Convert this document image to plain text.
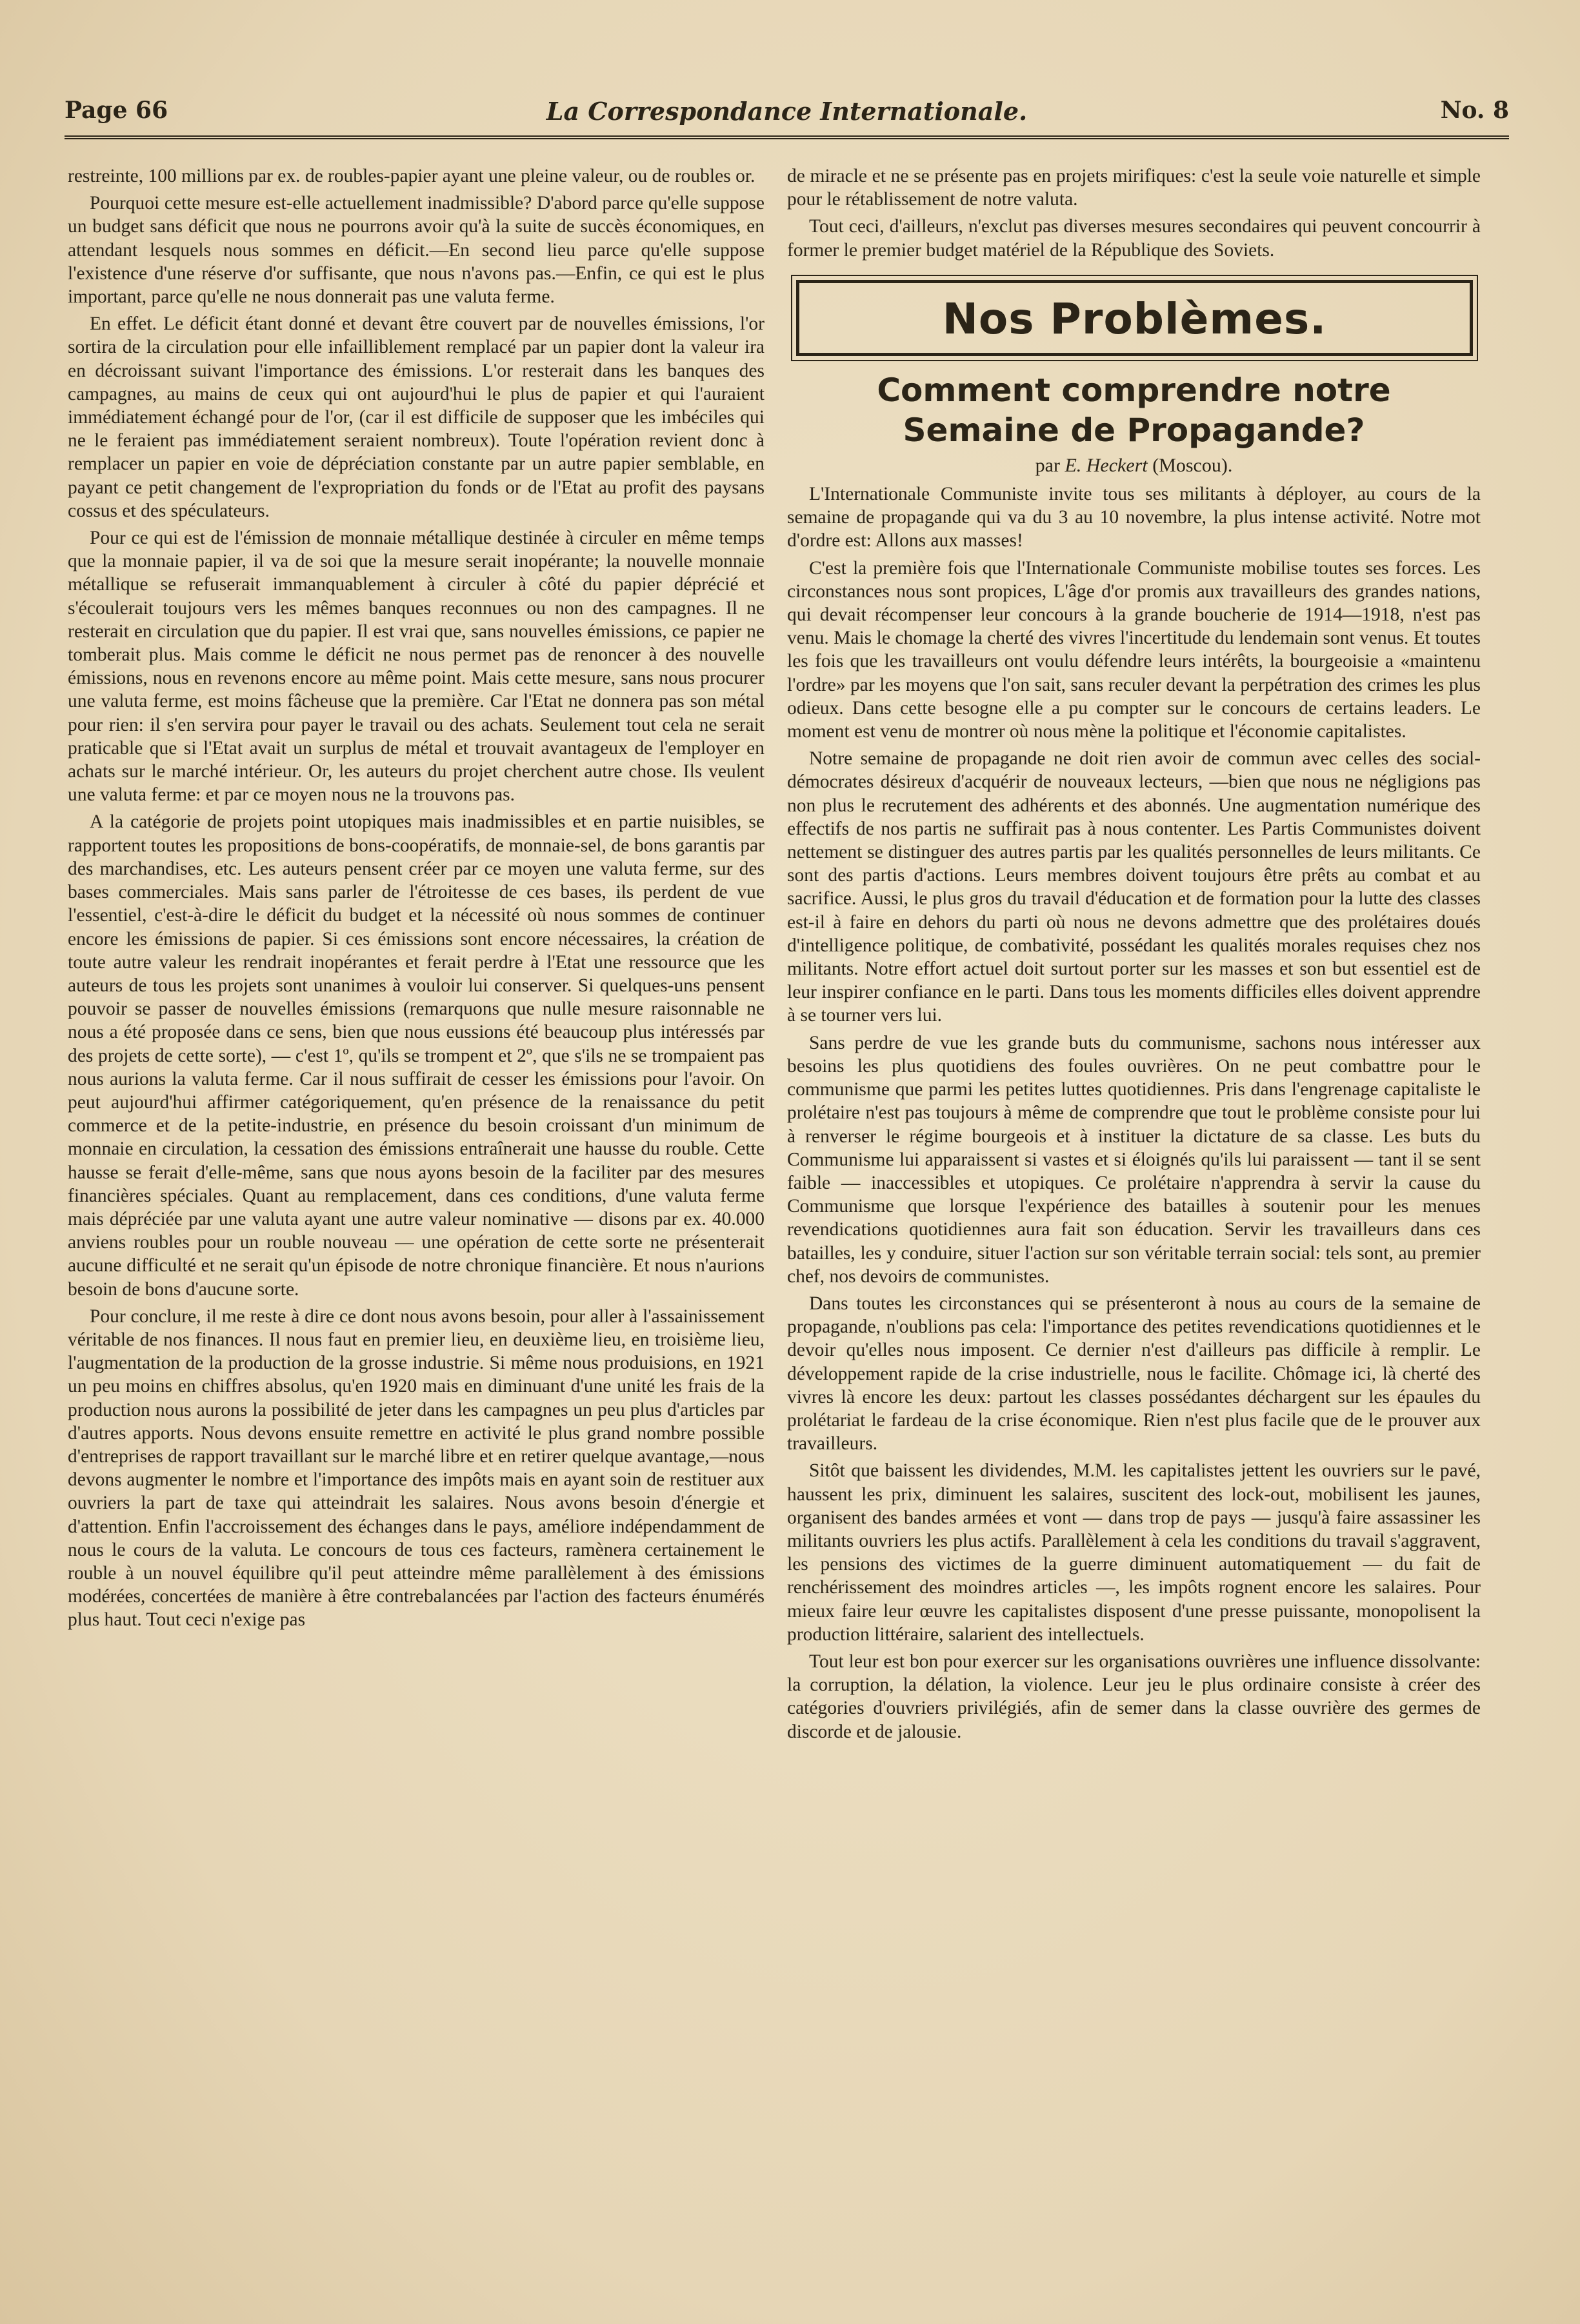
Page 66	La Correspondance Internationale.	No. 8

restreinte, 100 millions par ex. de roubles-papier ayant une pleine valeur, ou de roubles or.

Pourquoi cette mesure est-elle actuellement inadmissible? D'abord parce qu'elle suppose un budget sans déficit que nous ne pourrons avoir qu'à la suite de succès économiques, en attendant lesquels nous sommes en déficit.—En second lieu parce qu'elle suppose l'existence d'une réserve d'or suffisante, que nous n'avons pas.—Enfin, ce qui est le plus important, parce qu'elle ne nous donnerait pas une valuta ferme.

En effet. Le déficit étant donné et devant être couvert par de nouvelles émissions, l'or sortira de la circulation pour elle infailliblement remplacé par un papier dont la valeur ira en décroissant suivant l'importance des émissions. L'or resterait dans les banques des campagnes, au mains de ceux qui ont aujourd'hui le plus de papier et qui l'auraient immédiatement échangé pour de l'or, (car il est difficile de supposer que les imbéciles qui ne le feraient pas immédiatement seraient nombreux). Toute l'opération revient donc à remplacer un papier en voie de dépréciation constante par un autre papier semblable, en payant ce petit changement de l'expropriation du fonds or de l'Etat au profit des paysans cossus et des spéculateurs.

Pour ce qui est de l'émission de monnaie métallique destinée à circuler en même temps que la monnaie papier, il va de soi que la mesure serait inopérante; la nouvelle monnaie métallique se refuserait immanquablement à circuler à côté du papier déprécié et s'écoulerait toujours vers les mêmes banques reconnues ou non des campagnes. Il ne resterait en circulation que du papier. Il est vrai que, sans nouvelles émissions, ce papier ne tomberait plus. Mais comme le déficit ne nous permet pas de renoncer à des nouvelle émissions, nous en revenons encore au même point. Mais cette mesure, sans nous procurer une valuta ferme, est moins fâcheuse que la première. Car l'Etat ne donnera pas son métal pour rien: il s'en servira pour payer le travail ou des achats. Seulement tout cela ne serait praticable que si l'Etat avait un surplus de métal et trouvait avantageux de l'employer en achats sur le marché intérieur. Or, les auteurs du projet cherchent autre chose. Ils veulent une valuta ferme: et par ce moyen nous ne la trouvons pas.

A la catégorie de projets point utopiques mais inadmissibles et en partie nuisibles, se rapportent toutes les propositions de bons-coopératifs, de monnaie-sel, de bons garantis par des marchandises, etc. Les auteurs pensent créer par ce moyen une valuta ferme, sur des bases commerciales. Mais sans parler de l'étroitesse de ces bases, ils perdent de vue l'essentiel, c'est-à-dire le déficit du budget et la nécessité où nous sommes de continuer encore les émissions de papier. Si ces émissions sont encore nécessaires, la création de toute autre valeur les rendrait inopérantes et ferait perdre à l'Etat une ressource que les auteurs de tous les projets sont unanimes à vouloir lui conserver. Si quelques-uns pensent pouvoir se passer de nouvelles émissions (remarquons que nulle mesure raisonnable ne nous a été proposée dans ce sens, bien que nous eussions été beaucoup plus intéressés par des projets de cette sorte), — c'est 1º, qu'ils se trompent et 2º, que s'ils ne se trompaient pas nous aurions la valuta ferme. Car il nous suffirait de cesser les émissions pour l'avoir. On peut aujourd'hui affirmer catégoriquement, qu'en présence de la renaissance du petit commerce et de la petite-industrie, en présence du besoin croissant d'un minimum de monnaie en circulation, la cessation des émissions entraînerait une hausse du rouble. Cette hausse se ferait d'elle-même, sans que nous ayons besoin de la faciliter par des mesures financières spéciales. Quant au remplacement, dans ces conditions, d'une valuta ferme mais dépréciée par une valuta ayant une autre valeur nominative — disons par ex. 40.000 anviens roubles pour un rouble nouveau — une opération de cette sorte ne présenterait aucune difficulté et ne serait qu'un épisode de notre chronique financière. Et nous n'aurions besoin de bons d'aucune sorte.

Pour conclure, il me reste à dire ce dont nous avons besoin, pour aller à l'assainissement véritable de nos finances. Il nous faut en premier lieu, en deuxième lieu, en troisième lieu, l'augmentation de la production de la grosse industrie. Si même nous produisions, en 1921 un peu moins en chiffres absolus, qu'en 1920 mais en diminuant d'une unité les frais de la production nous aurons la possibilité de jeter dans les campagnes un peu plus d'articles par d'autres apports. Nous devons ensuite remettre en activité le plus grand nombre possible d'entreprises de rapport travaillant sur le marché libre et en retirer quelque avantage,—nous devons augmenter le nombre et l'importance des impôts mais en ayant soin de restituer aux ouvriers la part de taxe qui atteindrait les salaires. Nous avons besoin d'énergie et d'attention. Enfin l'accroissement des échanges dans le pays, améliore indépendamment de nous le cours de la valuta. Le concours de tous ces facteurs, ramènera certainement le rouble à un nouvel équilibre qu'il peut atteindre même parallèlement à des émissions modérées, concertées de manière à être contrebalancées par l'action des facteurs énumérés plus haut. Tout ceci n'exige pas

de miracle et ne se présente pas en projets mirifiques: c'est la seule voie naturelle et simple pour le rétablissement de notre valuta.

Tout ceci, d'ailleurs, n'exclut pas diverses mesures secondaires qui peuvent concourrir à former le premier budget matériel de la République des Soviets.

Nos Problèmes.
Comment comprendre notre
Semaine de Propagande?
par E. Heckert (Moscou).

L'Internationale Communiste invite tous ses militants à déployer, au cours de la semaine de propagande qui va du 3 au 10 novembre, la plus intense activité. Notre mot d'ordre est: Allons aux masses!

C'est la première fois que l'Internationale Communiste mobilise toutes ses forces. Les circonstances nous sont propices, L'âge d'or promis aux travailleurs des grandes nations, qui devait récompenser leur concours à la grande boucherie de 1914—1918, n'est pas venu. Mais le chomage la cherté des vivres l'incertitude du lendemain sont venus. Et toutes les fois que les travailleurs ont voulu défendre leurs intérêts, la bourgeoisie a «maintenu l'ordre» par les moyens que l'on sait, sans reculer devant la perpétration des crimes les plus odieux. Dans cette besogne elle a pu compter sur le concours de certains leaders. Le moment est venu de montrer où nous mène la politique et l'économie capitalistes.

Notre semaine de propagande ne doit rien avoir de commun avec celles des social-démocrates désireux d'acquérir de nouveaux lecteurs, —bien que nous ne négligions pas non plus le recrutement des adhérents et des abonnés. Une augmentation numérique des effectifs de nos partis ne suffirait pas à nous contenter. Les Partis Communistes doivent nettement se distinguer des autres partis par les qualités personnelles de leurs militants. Ce sont des partis d'actions. Leurs membres doivent toujours être prêts au combat et au sacrifice. Aussi, le plus gros du travail d'éducation et de formation pour la lutte des classes est-il à faire en dehors du parti où nous ne devons admettre que des prolétaires doués d'intelligence politique, de combativité, possédant les qualités morales requises chez nos militants. Notre effort actuel doit surtout porter sur les masses et son but essentiel est de leur inspirer confiance en le parti. Dans tous les moments difficiles elles doivent apprendre à se tourner vers lui.

Sans perdre de vue les grande buts du communisme, sachons nous intéresser aux besoins les plus quotidiens des foules ouvrières. On ne peut combattre pour le communisme que parmi les petites luttes quotidiennes. Pris dans l'engrenage capitaliste le prolétaire n'est pas toujours à même de comprendre que tout le problème consiste pour lui à renverser le régime bourgeois et à instituer la dictature de sa classe. Les buts du Communisme lui apparaissent si vastes et si éloignés qu'ils lui paraissent — tant il se sent faible — inaccessibles et utopiques. Ce prolétaire n'apprendra à servir la cause du Communisme que lorsque l'expérience des batailles à soutenir pour les menues revendications quotidiennes aura fait son éducation. Servir les travailleurs dans ces batailles, les y conduire, situer l'action sur son véritable terrain social: tels sont, au premier chef, nos devoirs de communistes.

Dans toutes les circonstances qui se présenteront à nous au cours de la semaine de propagande, n'oublions pas cela: l'importance des petites revendications quotidiennes et le devoir qu'elles nous imposent. Ce dernier n'est d'ailleurs pas difficile à remplir. Le développement rapide de la crise industrielle, nous le facilite. Chômage ici, là cherté des vivres là encore les deux: partout les classes possédantes déchargent sur les épaules du prolétariat le fardeau de la crise économique. Rien n'est plus facile que de le prouver aux travailleurs.

Sitôt que baissent les dividendes, M.M. les capitalistes jettent les ouvriers sur le pavé, haussent les prix, diminuent les salaires, suscitent des lock-out, mobilisent les jaunes, organisent des bandes armées et vont — dans trop de pays — jusqu'à faire assassiner les militants ouvriers les plus actifs. Parallèlement à cela les conditions du travail s'aggravent, les pensions des victimes de la guerre diminuent automatiquement — du fait de renchérissement des moindres articles —, les impôts rognent encore les salaires. Pour mieux faire leur œuvre les capitalistes disposent d'une presse puissante, monopolisent la production littéraire, salarient des intellectuels.

Tout leur est bon pour exercer sur les organisations ouvrières une influence dissolvante: la corruption, la délation, la violence. Leur jeu le plus ordinaire consiste à créer des catégories d'ouvriers privilégiés, afin de semer dans la classe ouvrière des germes de discorde et de jalousie.
